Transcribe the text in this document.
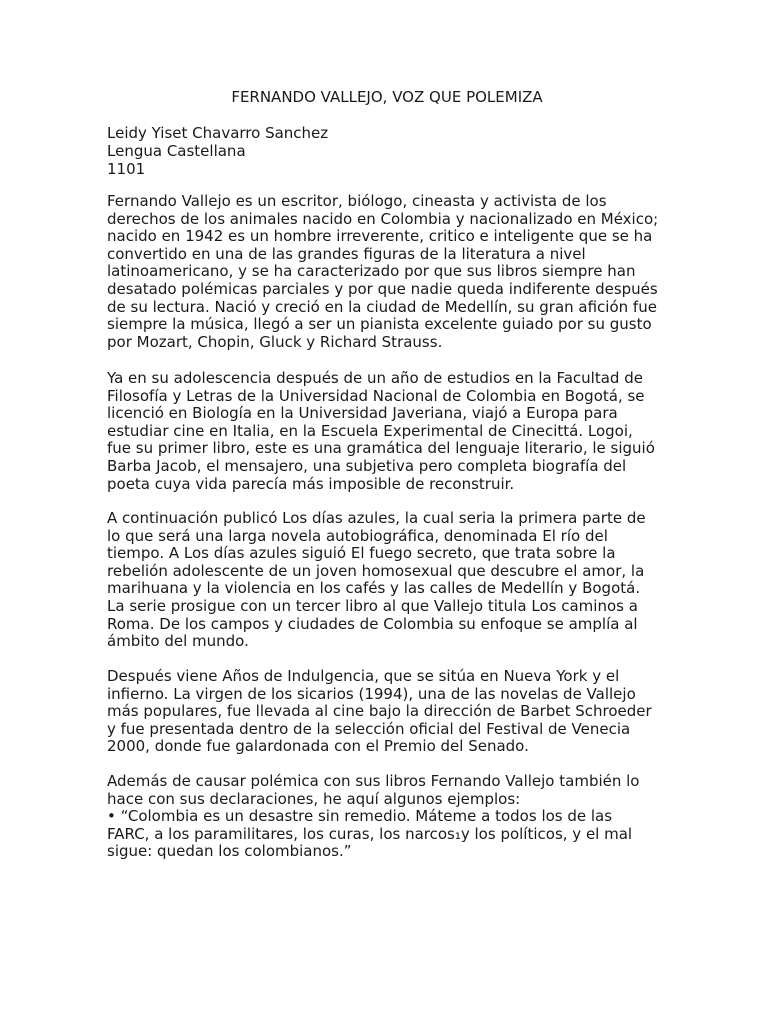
FERNANDO VALLEJO, VOZ QUE POLEMIZA
Leidy Yiset Chavarro Sanchez
Lengua Castellana
1101
Fernando Vallejo es un escritor, biólogo, cineasta y activista de los
derechos de los animales nacido en Colombia y nacionalizado en México;
nacido en 1942 es un hombre irreverente, critico e inteligente que se ha
convertido en una de las grandes figuras de la literatura a nivel
latinoamericano, y se ha caracterizado por que sus libros siempre han
desatado polémicas parciales y por que nadie queda indiferente después
de su lectura. Nació y creció en la ciudad de Medellín, su gran afición fue
siempre la música, llegó a ser un pianista excelente guiado por su gusto
por Mozart, Chopin, Gluck y Richard Strauss.
Ya en su adolescencia después de un año de estudios en la Facultad de
Filosofía y Letras de la Universidad Nacional de Colombia en Bogotá, se
licenció en Biología en la Universidad Javeriana, viajó a Europa para
estudiar cine en Italia, en la Escuela Experimental de Cinecittá. Logoi,
fue su primer libro, este es una gramática del lenguaje literario, le siguió
Barba Jacob, el mensajero, una subjetiva pero completa biografía del
poeta cuya vida parecía más imposible de reconstruir.
A continuación publicó Los días azules, la cual seria la primera parte de
lo que será una larga novela autobiográfica, denominada El río del
tiempo. A Los días azules siguió El fuego secreto, que trata sobre la
rebelión adolescente de un joven homosexual que descubre el amor, la
marihuana y la violencia en los cafés y las calles de Medellín y Bogotá.
La serie prosigue con un tercer libro al que Vallejo titula Los caminos a
Roma. De los campos y ciudades de Colombia su enfoque se amplía al
ámbito del mundo.
Después viene Años de Indulgencia, que se sitúa en Nueva York y el
infierno. La virgen de los sicarios (1994), una de las novelas de Vallejo
más populares, fue llevada al cine bajo la dirección de Barbet Schroeder
y fue presentada dentro de la selección oficial del Festival de Venecia
2000, donde fue galardonada con el Premio del Senado.
Además de causar polémica con sus libros Fernando Vallejo también lo
hace con sus declaraciones, he aquí algunos ejemplos:
• “Colombia es un desastre sin remedio. Máteme a todos los de las
FARC, a los paramilitares, los curas, los narcos₁y los políticos, y el mal
sigue: quedan los colombianos.”
